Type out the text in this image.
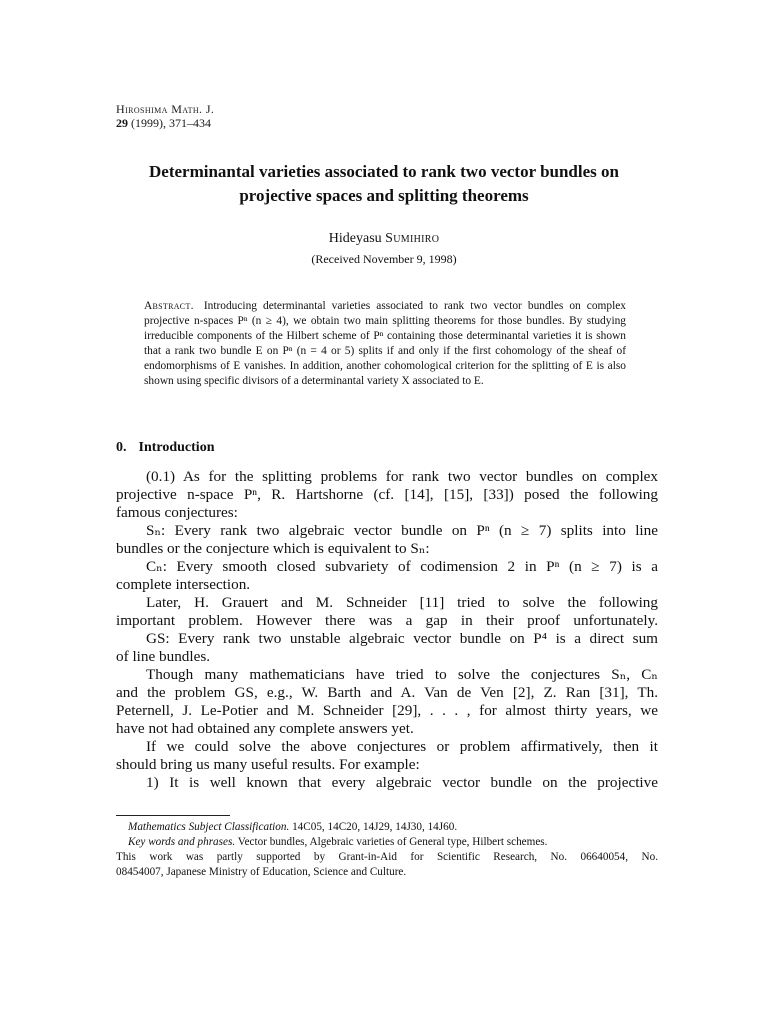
Hiroshima Math. J.
29 (1999), 371–434
Determinantal varieties associated to rank two vector bundles on
projective spaces and splitting theorems
Hideyasu Sumihiro
(Received November 9, 1998)
Abstract. Introducing determinantal varieties associated to rank two vector bundles on complex projective n-spaces Pⁿ (n ≥ 4), we obtain two main splitting theorems for those bundles. By studying irreducible components of the Hilbert scheme of Pⁿ containing those determinantal varieties it is shown that a rank two bundle E on Pⁿ (n = 4 or 5) splits if and only if the first cohomology of the sheaf of endomorphisms of E vanishes. In addition, another cohomological criterion for the splitting of E is also shown using specific divisors of a determinantal variety X associated to E.
0. Introduction
(0.1) As for the splitting problems for rank two vector bundles on complex
projective n-space Pⁿ, R. Hartshorne (cf. [14], [15], [33]) posed the following
famous conjectures:
Sₙ: Every rank two algebraic vector bundle on Pⁿ (n ≥ 7) splits into line
bundles or the conjecture which is equivalent to Sₙ:
Cₙ: Every smooth closed subvariety of codimension 2 in Pⁿ (n ≥ 7) is a
complete intersection.
Later, H. Grauert and M. Schneider [11] tried to solve the following
important problem. However there was a gap in their proof unfortunately.
GS: Every rank two unstable algebraic vector bundle on P⁴ is a direct sum
of line bundles.
Though many mathematicians have tried to solve the conjectures Sₙ, Cₙ
and the problem GS, e.g., W. Barth and A. Van de Ven [2], Z. Ran [31], Th.
Peternell, J. Le-Potier and M. Schneider [29], . . . , for almost thirty years, we
have not had obtained any complete answers yet.
If we could solve the above conjectures or problem affirmatively, then it
should bring us many useful results. For example:
1) It is well known that every algebraic vector bundle on the projective
Mathematics Subject Classification. 14C05, 14C20, 14J29, 14J30, 14J60.
Key words and phrases. Vector bundles, Algebraic varieties of General type, Hilbert schemes.
This work was partly supported by Grant-in-Aid for Scientific Research, No. 06640054, No.
08454007, Japanese Ministry of Education, Science and Culture.
